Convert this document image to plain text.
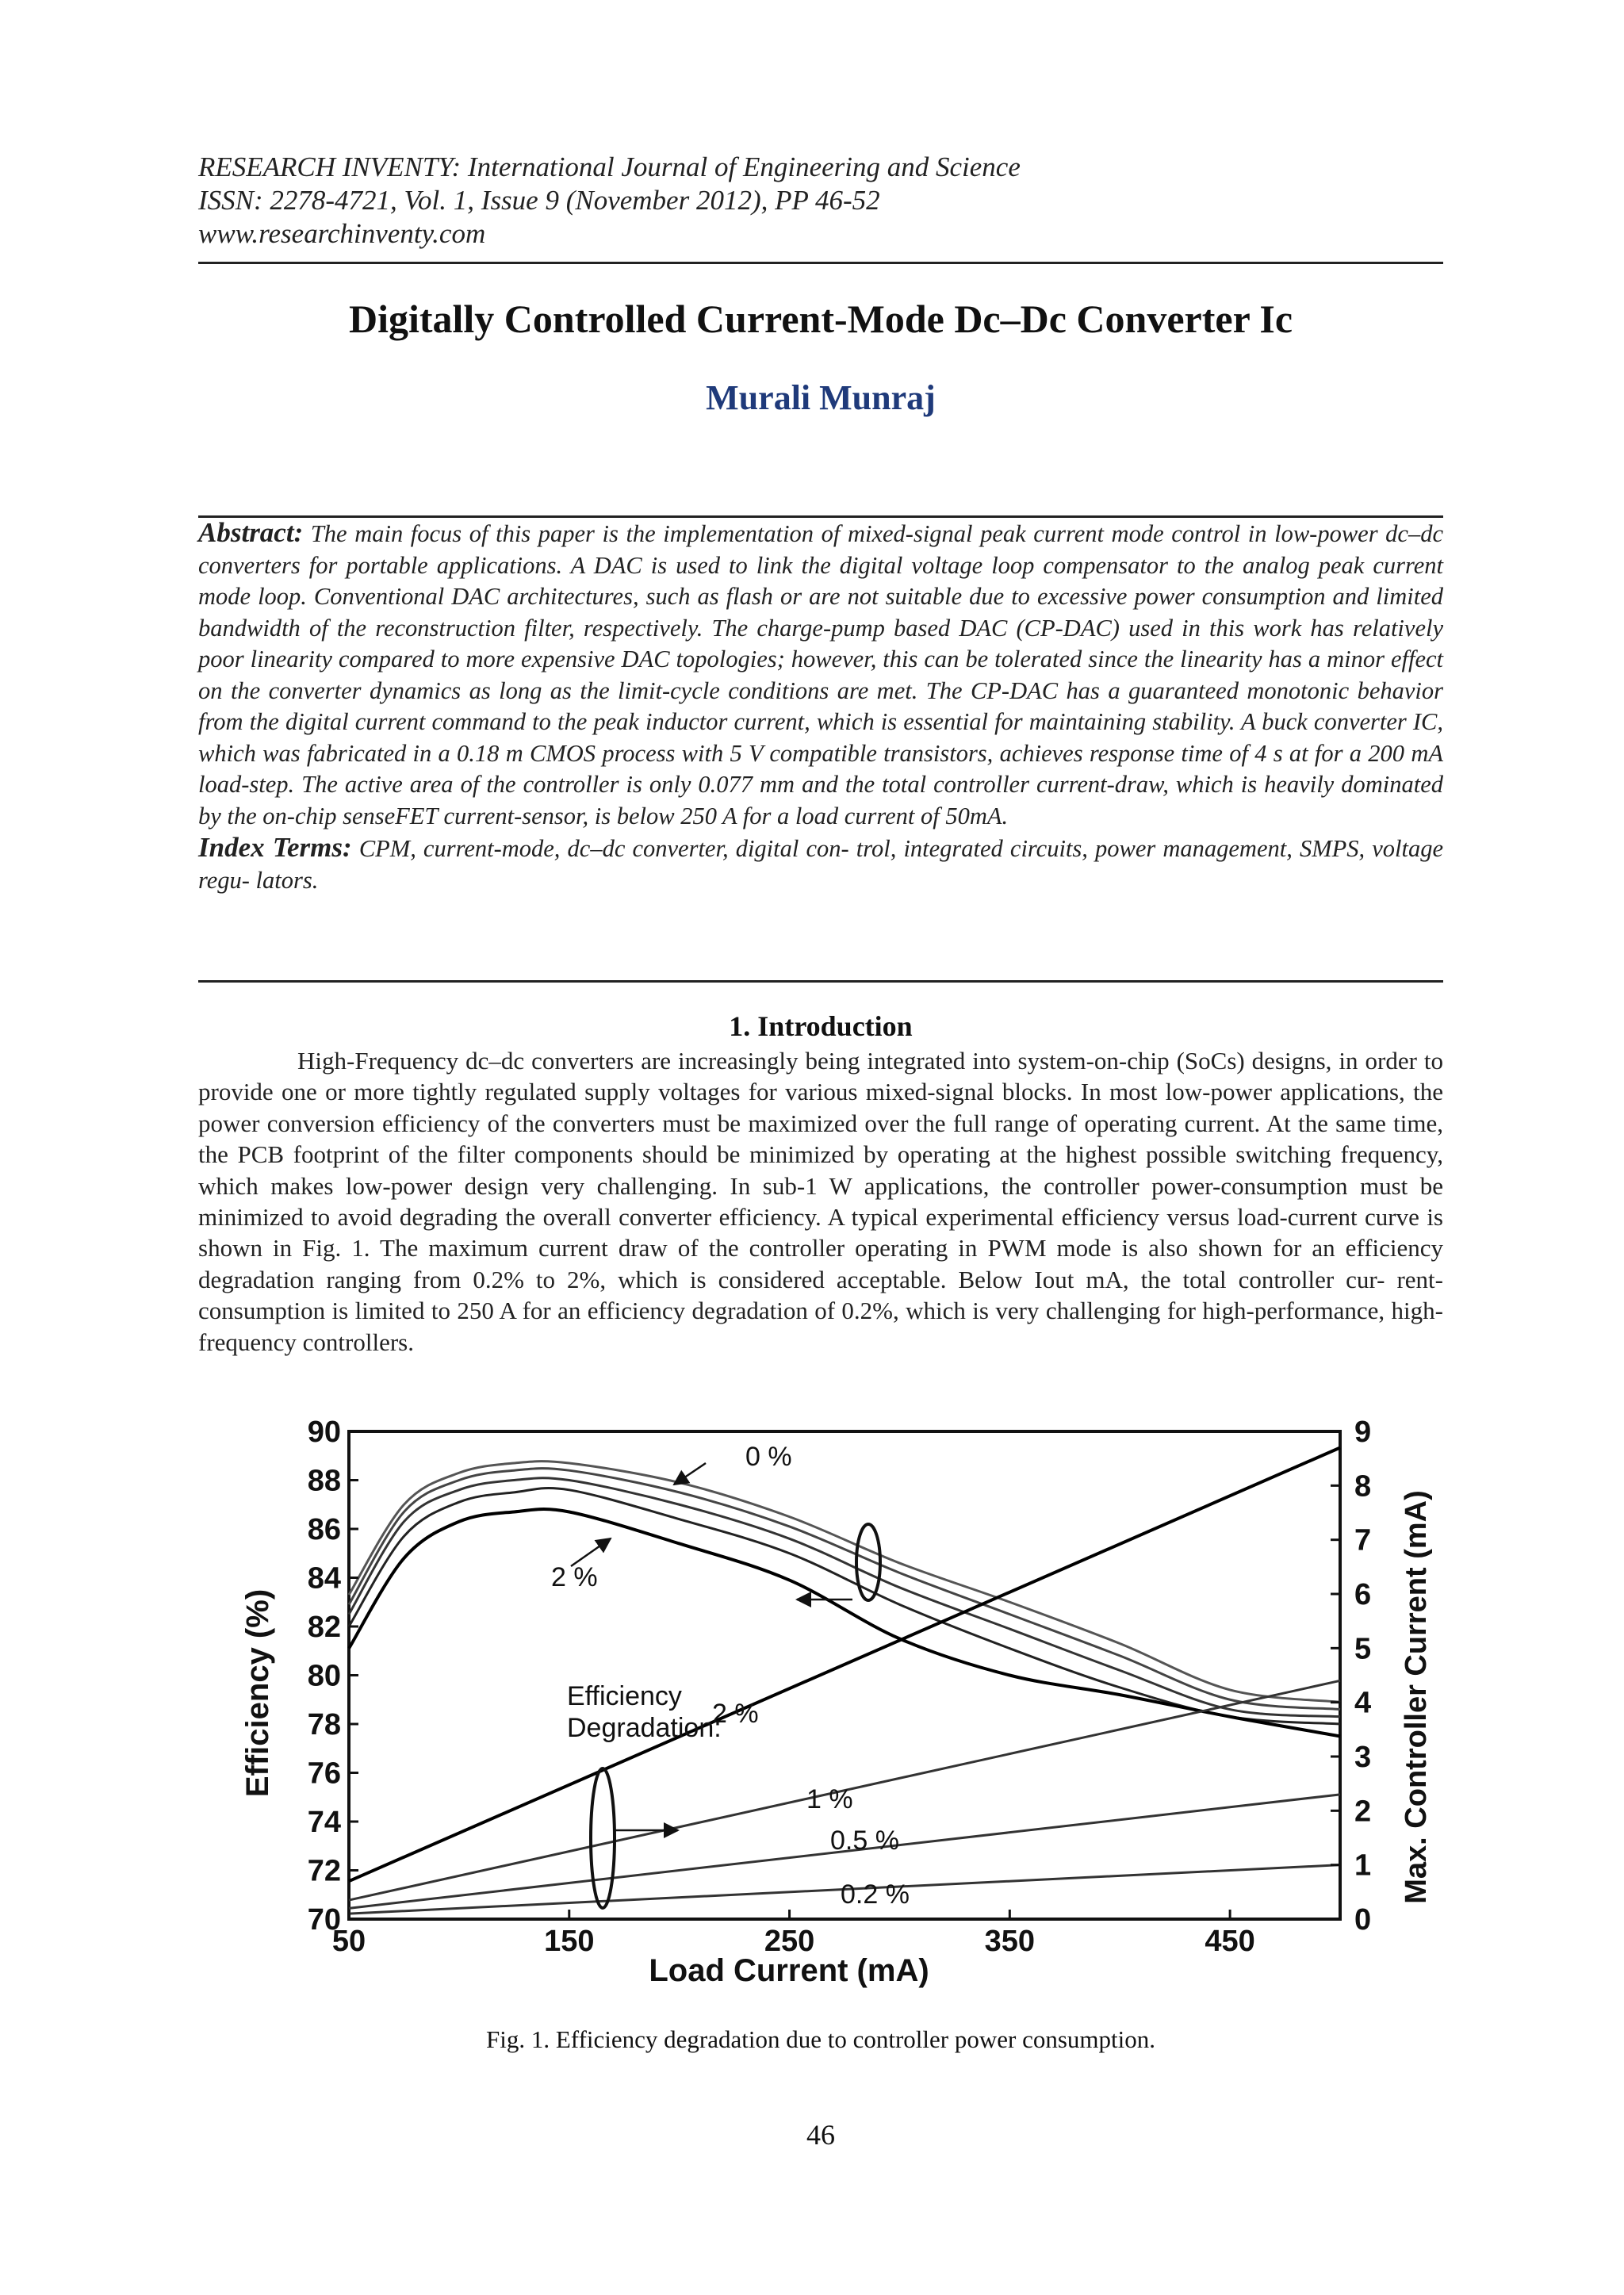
RESEARCH INVENTY: International Journal of Engineering and Science
ISSN: 2278-4721, Vol. 1, Issue 9 (November 2012), PP 46-52
www.researchinventy.com
Digitally Controlled Current-Mode Dc–Dc Converter Ic
Murali Munraj
Abstract: The main focus of this paper is the implementation of mixed-signal peak current mode control in low-power dc–dc converters for portable applications. A DAC is used to link the digital voltage loop compensator to the analog peak current mode loop. Conventional DAC architectures, such as flash or are not suitable due to excessive power consumption and limited bandwidth of the reconstruction filter, respectively. The charge-pump based DAC (CP-DAC) used in this work has relatively poor linearity compared to more expensive DAC topologies; however, this can be tolerated since the linearity has a minor effect on the converter dynamics as long as the limit-cycle conditions are met. The CP-DAC has a guaranteed monotonic behavior from the digital current command to the peak inductor current, which is essential for maintaining stability. A buck converter IC, which was fabricated in a 0.18 m CMOS process with 5 V compatible transistors, achieves response time of 4 s at for a 200 mA load-step. The active area of the controller is only 0.077 mm and the total controller current-draw, which is heavily dominated by the on-chip senseFET current-sensor, is below 250 A for a load current of 50mA.
Index Terms: CPM, current-mode, dc–dc converter, digital con- trol, integrated circuits, power management, SMPS, voltage regu- lators.
1. Introduction
High-Frequency dc–dc converters are increasingly being integrated into system-on-chip (SoCs) designs, in order to provide one or more tightly regulated supply voltages for various mixed-signal blocks. In most low-power applications, the power conversion efficiency of the converters must be maximized over the full range of operating current. At the same time, the PCB footprint of the filter components should be minimized by operating at the highest possible switching frequency, which makes low-power design very challenging. In sub-1 W applications, the controller power-consumption must be minimized to avoid degrading the overall converter efficiency. A typical experimental efficiency versus load-current curve is shown in Fig. 1. The maximum current draw of the controller operating in PWM mode is also shown for an efficiency degradation ranging from 0.2% to 2%, which is considered acceptable. Below Iout mA, the total controller cur- rent-consumption is limited to 250 A for an efficiency degradation of 0.2%, which is very challenging for high-performance, high-frequency controllers.
0 %
2 %
Efficiency
Degradation:
2 %
1 %
0.5 %
0.2 %
50	150	250	350	450
70
72
74
76
78
80
82
84
86
88
90
0
1
2
3
4
5
6
7
8
9
Load Current (mA)
Efficiency (%)	Max. Controller Current (mA)
Fig. 1. Efficiency degradation due to controller power consumption.
46
